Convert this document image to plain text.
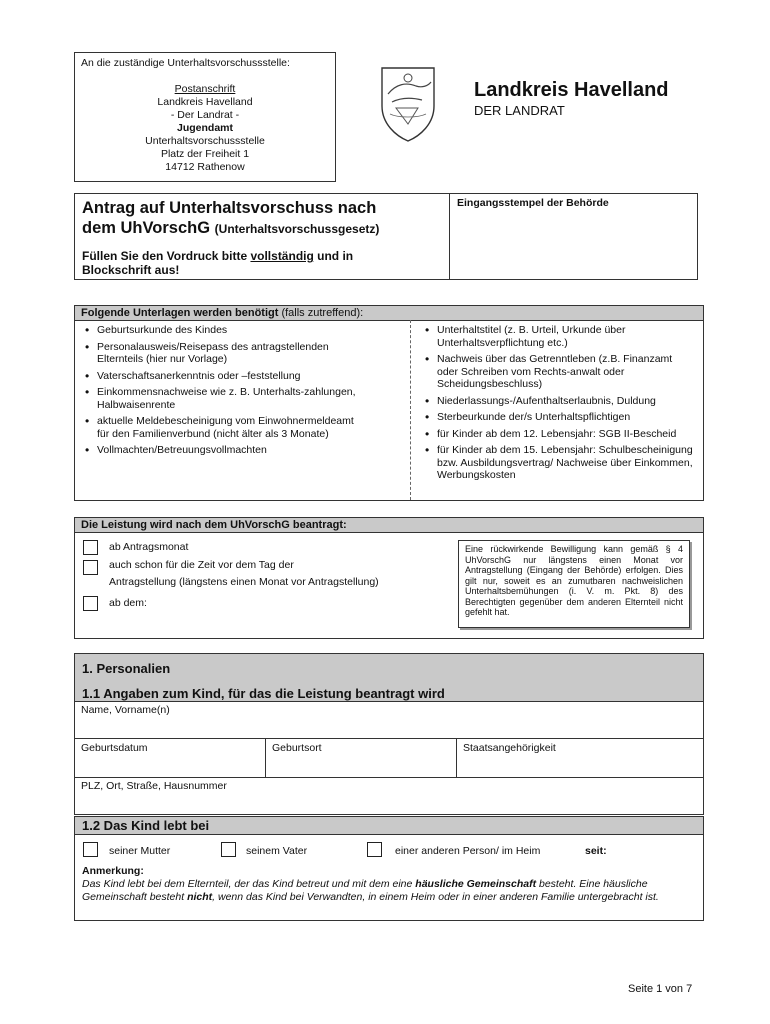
An die zuständige Unterhaltsvorschussstelle:
Postanschrift
Landkreis Havelland
- Der Landrat -
Jugendamt
Unterhaltsvorschussstelle
Platz der Freiheit 1
14712 Rathenow
Landkreis Havelland
DER LANDRAT
Antrag auf Unterhaltsvorschuss nach
dem UhVorschG (Unterhaltsvorschussgesetz)
Füllen Sie den Vordruck bitte vollständig und in
Blockschrift aus!
Eingangsstempel der Behörde
Folgende Unterlagen werden benötigt (falls zutreffend):
• Geburtsurkunde des Kindes
• Personalausweis/Reisepass des antragstellenden Elternteils (hier nur Vorlage)
• Vaterschaftsanerkenntnis oder –feststellung
• Einkommensnachweise wie z. B. Unterhalts-zahlungen, Halbwaisenrente
• aktuelle Meldebescheinigung vom Einwohnermeldeamt für den Familienverbund (nicht älter als 3 Monate)
• Vollmachten/Betreuungsvollmachten
• Unterhaltstitel (z. B. Urteil, Urkunde über Unterhaltsverpflichtung etc.)
• Nachweis über das Getrenntleben (z.B. Finanzamt oder Schreiben vom Rechts-anwalt oder Scheidungsbeschluss)
• Niederlassungs-/Aufenthaltserlaubnis, Duldung
• Sterbeurkunde der/s Unterhaltspflichtigen
• für Kinder ab dem 12. Lebensjahr: SGB II-Bescheid
• für Kinder ab dem 15. Lebensjahr: Schulbescheinigung bzw. Ausbildungsvertrag/ Nachweise über Einkommen, Werbungskosten
Die Leistung wird nach dem UhVorschG beantragt:
ab Antragsmonat
auch schon für die Zeit vor dem Tag der
Antragstellung (längstens einen Monat vor Antragstellung)
ab dem:
Eine rückwirkende Bewilligung kann gemäß § 4 UhVorschG nur längstens einen Monat vor Antragstellung (Eingang der Behörde) erfolgen. Dies gilt nur, soweit es an zumutbaren nachweislichen Unterhaltsbemühungen (i. V. m. Pkt. 8) des Berechtigten gegenüber dem anderen Elternteil nicht gefehlt hat.
1. Personalien
1.1 Angaben zum Kind, für das die Leistung beantragt wird
Name, Vorname(n)
Geburtsdatum	Geburtsort	Staatsangehörigkeit
PLZ, Ort, Straße, Hausnummer
1.2 Das Kind lebt bei
seiner Mutter	seinem Vater	einer anderen Person/ im Heim	seit:
Anmerkung:
Das Kind lebt bei dem Elternteil, der das Kind betreut und mit dem eine häusliche Gemeinschaft besteht. Eine häusliche Gemeinschaft besteht nicht, wenn das Kind bei Verwandten, in einem Heim oder in einer anderen Familie untergebracht ist.
Seite 1 von 7
